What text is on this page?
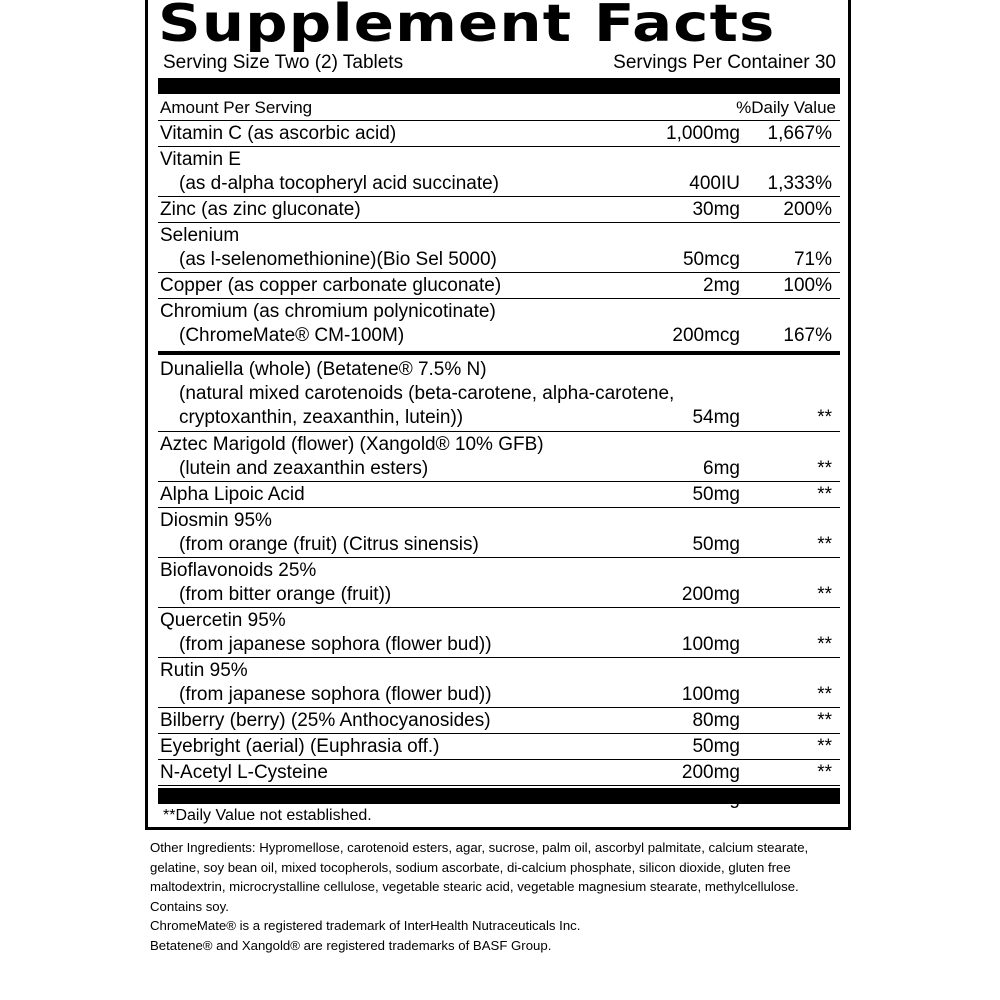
Supplement Facts
Serving Size Two (2) Tablets	Servings Per Container 30
Amount Per Serving	%Daily Value
Vitamin C (as ascorbic acid)	1,000mg 1,667%
Vitamin E
(as d-alpha tocopheryl acid succinate)	400IU 1,333%
Zinc (as zinc gluconate)	30mg 200%
Selenium
(as l-selenomethionine)(Bio Sel 5000)	50mcg	71%
Copper (as copper carbonate gluconate)	2mg 100%
Chromium (as chromium polynicotinate)
(ChromeMate® CM-100M)	200mcg 167%
Dunaliella (whole) (Betatene® 7.5% N)
(natural mixed carotenoids (beta-carotene, alpha-carotene,
cryptoxanthin, zeaxanthin, lutein))	54mg	**
Aztec Marigold (flower) (Xangold® 10% GFB)
(lutein and zeaxanthin esters)	6mg	**
Alpha Lipoic Acid	50mg	**
Diosmin 95%
(from orange (fruit) (Citrus sinensis)	50mg	**
Bioflavonoids 25%
(from bitter orange (fruit))	200mg	**
Quercetin 95%
(from japanese sophora (flower bud))	100mg	**
Rutin 95%
(from japanese sophora (flower bud))	100mg	**
Bilberry (berry) (25% Anthocyanosides)	80mg	**
Eyebright (aerial) (Euphrasia off.)	50mg	**
N-Acetyl L-Cysteine	200mg	**
**Daily Value not established.

Other Ingredients: Hypromellose, carotenoid esters, agar, sucrose, palm oil, ascorbyl palmitate, calcium stearate, gelatine, soy bean oil, mixed tocopherols, sodium ascorbate, di-calcium phosphate, silicon dioxide, gluten free maltodextrin, microcrystalline cellulose, vegetable stearic acid, vegetable magnesium stearate, methylcellulose. Contains soy.

ChromeMate® is a registered trademark of InterHealth Nutraceuticals Inc.

Betatene® and Xangold® are registered trademarks of BASF Group.
